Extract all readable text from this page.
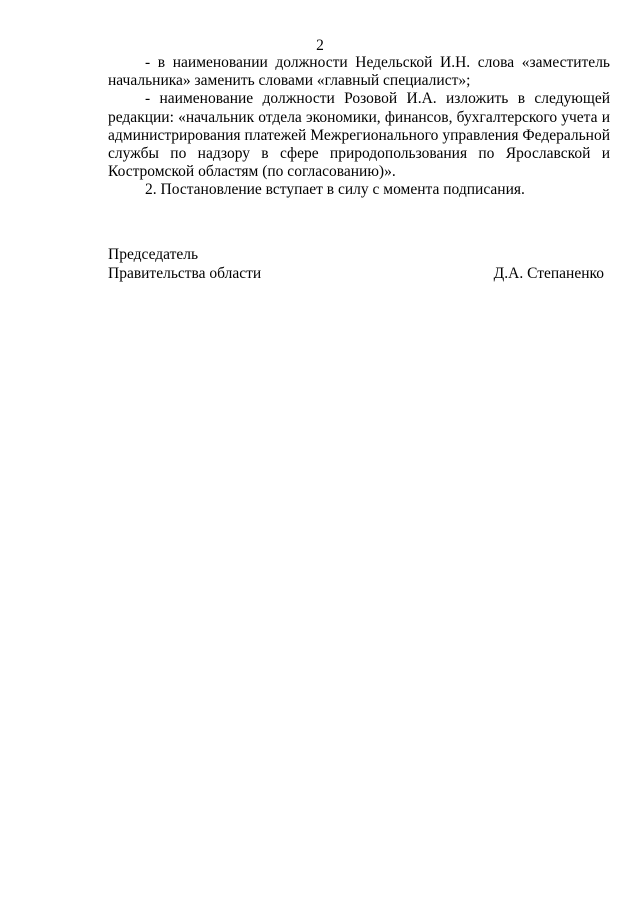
2

- в наименовании должности Недельской И.Н. слова «заместитель начальника» заменить словами «главный специалист»;

- наименование должности Розовой И.А. изложить в следующей редакции: «начальник отдела экономики, финансов, бухгалтерского учета и администрирования платежей Межрегионального управления Федеральной службы по надзору в сфере природопользования по Ярославской и Костромской областям (по согласованию)».

2. Постановление вступает в силу с момента подписания.

Председатель
Правительства области	Д.А. Степаненко
